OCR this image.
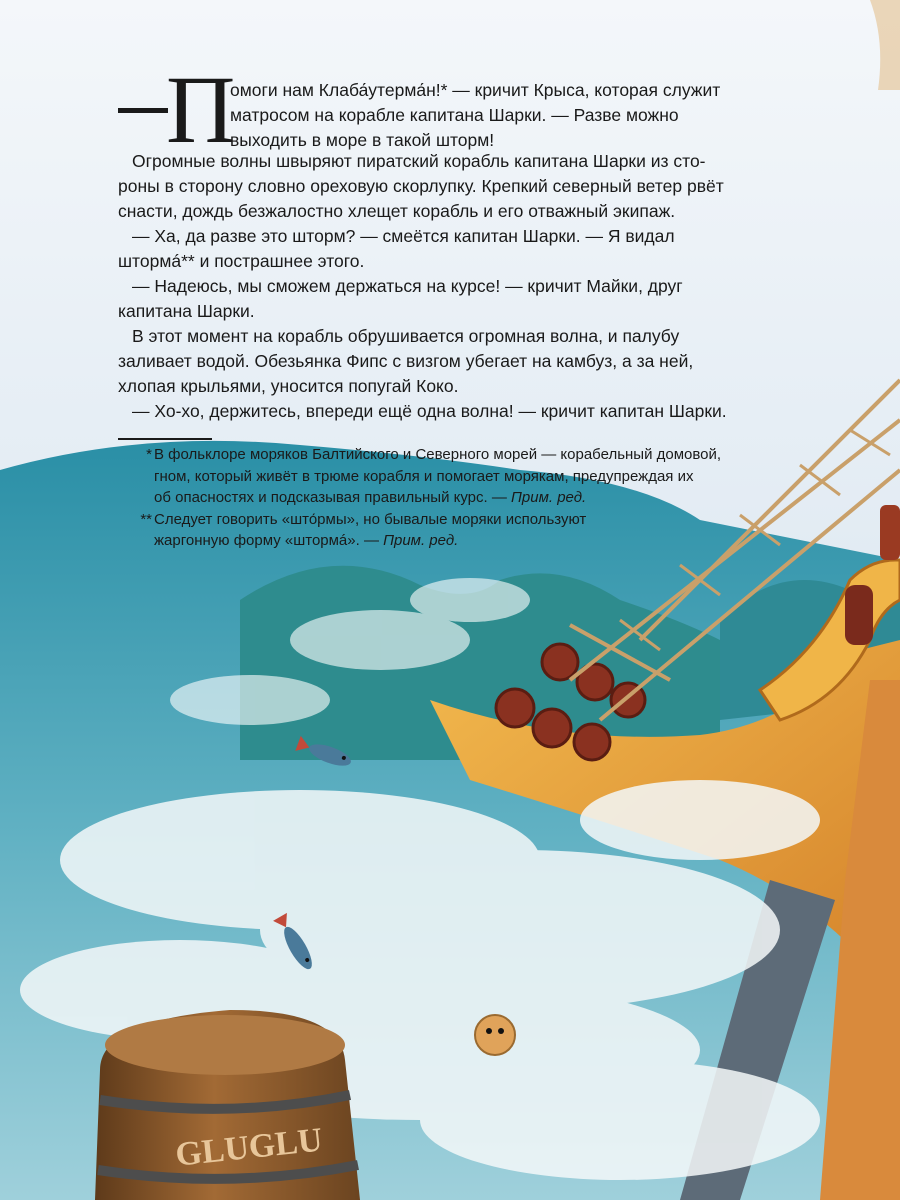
GLUGLU
П
омоги нам Клаба́утерма́н!* — кричит Крыса, которая служит
матросом на корабле капитана Шарки. — Разве можно
выходить в море в такой шторм!
Огромные волны швыряют пиратский корабль капитана Шарки из сто-
роны в сторону словно ореховую скорлупку. Крепкий северный ветер рвёт
снасти, дождь безжалостно хлещет корабль и его отважный экипаж.
— Ха, да разве это шторм? — смеётся капитан Шарки. — Я видал
штормá** и пострашнее этого.
— Надеюсь, мы сможем держаться на курсе! — кричит Майки, друг
капитана Шарки.
В этот момент на корабль обрушивается огромная волна, и палубу
заливает водой. Обезьянка Фипс с визгом убегает на камбуз, а за ней,
хлопая крыльями, уносится попугай Коко.
— Хо-хо, держитесь, впереди ещё одна волна! — кричит капитан Шарки.
* В фольклоре моряков Балтийского и Северного морей — корабельный домовой,
гном, который живёт в трюме корабля и помогает морякам, предупреждая их
об опасностях и подсказывая правильный курс. — Прим. ред.
** Следует говорить «што́рмы», но бывалые моряки используют
жаргонную форму «штормá». — Прим. ред.
